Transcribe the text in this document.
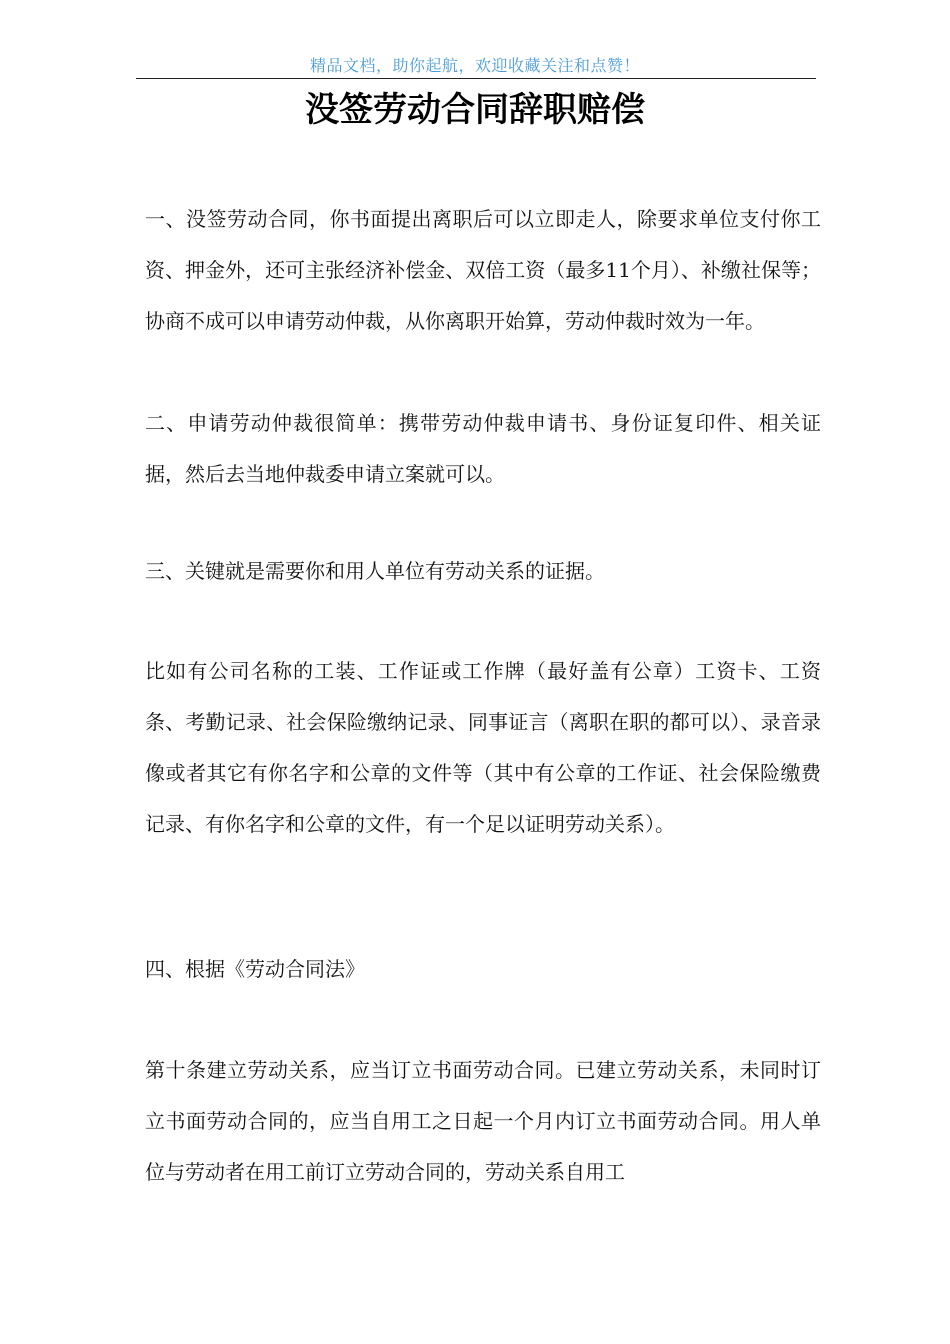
精品文档，助你起航，欢迎收藏关注和点赞！
没签劳动合同辞职赔偿

一、没签劳动合同，你书面提出离职后可以立即走人，除要求单位支付你工资、押金外，还可主张经济补偿金、双倍工资（最多11个月）、补缴社保等；协商不成可以申请劳动仲裁，从你离职开始算，劳动仲裁时效为一年。

二、申请劳动仲裁很简单：携带劳动仲裁申请书、身份证复印件、相关证据，然后去当地仲裁委申请立案就可以。

三、关键就是需要你和用人单位有劳动关系的证据。

比如有公司名称的工装、工作证或工作牌（最好盖有公章）工资卡、工资条、考勤记录、社会保险缴纳记录、同事证言（离职在职的都可以）、录音录像或者其它有你名字和公章的文件等（其中有公章的工作证、社会保险缴费记录、有你名字和公章的文件，有一个足以证明劳动关系）。

四、根据《劳动合同法》

第十条建立劳动关系，应当订立书面劳动合同。已建立劳动关系，未同时订立书面劳动合同的，应当自用工之日起一个月内订立书面劳动合同。用人单位与劳动者在用工前订立劳动合同的，劳动关系自用工
